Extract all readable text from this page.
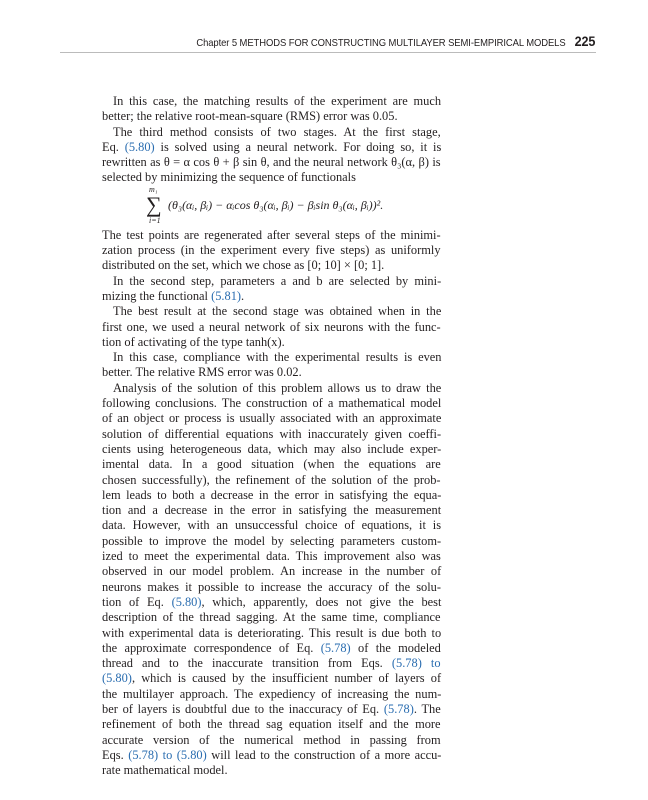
Chapter 5 METHODS FOR CONSTRUCTING MULTILAYER SEMI-EMPIRICAL MODELS 225
In this case, the matching results of the experiment are much
better; the relative root-mean-square (RMS) error was 0.05.
The third method consists of two stages. At the first stage,
Eq. (5.80) is solved using a neural network. For doing so, it is
rewritten as θ = α cos θ + β sin θ, and the neural network θ₃(α, β) is
selected by minimizing the sequence of functionals
m₁
∑
i=1
(θ₃(αᵢ, βᵢ) − αᵢcos θ₃(αᵢ, βᵢ) − βᵢsin θ₃(αᵢ, βᵢ))².
The test points are regenerated after several steps of the minimi-
zation process (in the experiment every five steps) as uniformly
distributed on the set, which we chose as [0; 10] × [0; 1].
In the second step, parameters a and b are selected by mini-
mizing the functional (5.81).
The best result at the second stage was obtained when in the
first one, we used a neural network of six neurons with the func-
tion of activating of the type tanh(x).
In this case, compliance with the experimental results is even
better. The relative RMS error was 0.02.
Analysis of the solution of this problem allows us to draw the
following conclusions. The construction of a mathematical model
of an object or process is usually associated with an approximate
solution of differential equations with inaccurately given coeffi-
cients using heterogeneous data, which may also include exper-
imental data. In a good situation (when the equations are
chosen successfully), the refinement of the solution of the prob-
lem leads to both a decrease in the error in satisfying the equa-
tion and a decrease in the error in satisfying the measurement
data. However, with an unsuccessful choice of equations, it is
possible to improve the model by selecting parameters custom-
ized to meet the experimental data. This improvement also was
observed in our model problem. An increase in the number of
neurons makes it possible to increase the accuracy of the solu-
tion of Eq. (5.80), which, apparently, does not give the best
description of the thread sagging. At the same time, compliance
with experimental data is deteriorating. This result is due both to
the approximate correspondence of Eq. (5.78) of the modeled
thread and to the inaccurate transition from Eqs. (5.78) to
(5.80), which is caused by the insufficient number of layers of
the multilayer approach. The expediency of increasing the num-
ber of layers is doubtful due to the inaccuracy of Eq. (5.78). The
refinement of both the thread sag equation itself and the more
accurate version of the numerical method in passing from
Eqs. (5.78) to (5.80) will lead to the construction of a more accu-
rate mathematical model.
